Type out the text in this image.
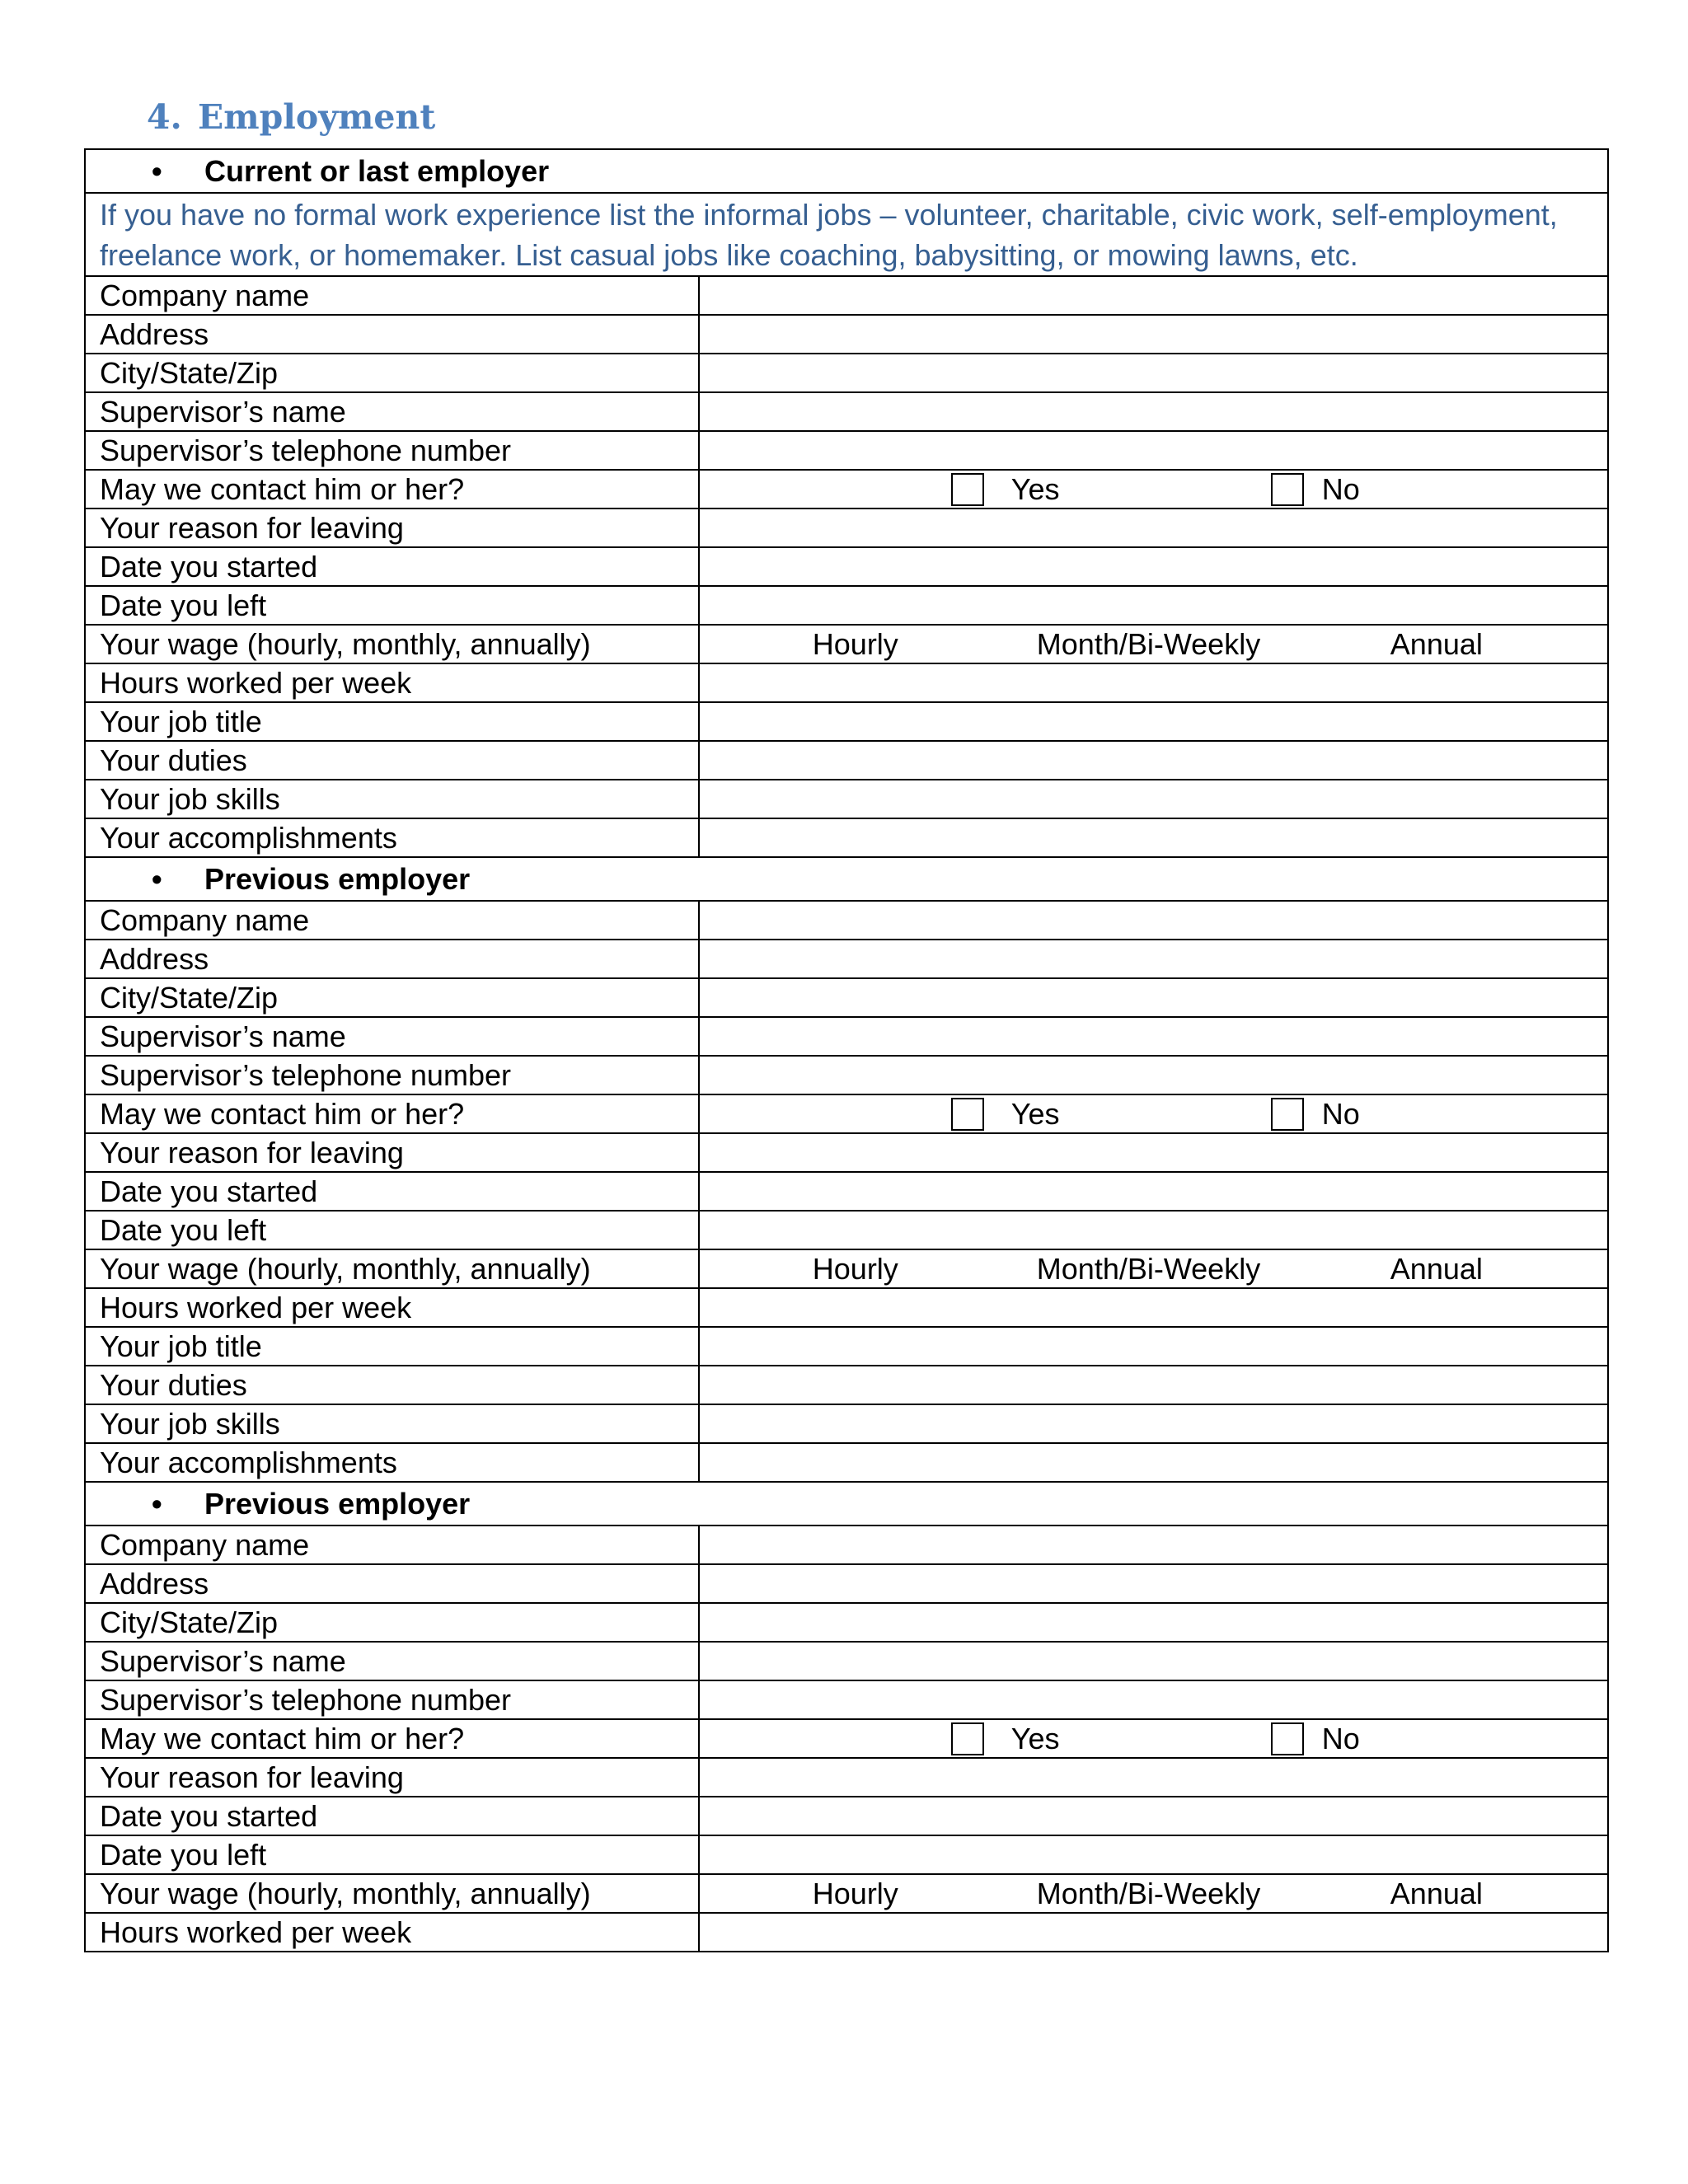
4. Employment
• Current or last employer	
If you have no formal work experience list the informal jobs – volunteer, charitable, civic work, self-employment, freelance work, or homemaker. List casual jobs like coaching, babysitting, or mowing lawns, etc.	
Company name	
Address	
City/State/Zip	
Supervisor’s name	
Supervisor’s telephone number	
May we contact him or her?	Yes No

Your reason for leaving	
Date you started	
Date you left	
Your wage (hourly, monthly, annually)	Hourly Month/Bi-Weekly Annual

Hours worked per week	
Your job title	
Your duties	
Your job skills	
Your accomplishments	
• Previous employer	
Company name	
Address	
City/State/Zip	
Supervisor’s name	
Supervisor’s telephone number	
May we contact him or her?	Yes No

Your reason for leaving	
Date you started	
Date you left	
Your wage (hourly, monthly, annually)	Hourly Month/Bi-Weekly Annual

Hours worked per week	
Your job title	
Your duties	
Your job skills	
Your accomplishments	
• Previous employer	
Company name	
Address	
City/State/Zip	
Supervisor’s name	
Supervisor’s telephone number	
May we contact him or her?	Yes No

Your reason for leaving	
Date you started	
Date you left	
Your wage (hourly, monthly, annually)	Hourly Month/Bi-Weekly Annual

Hours worked per week	
